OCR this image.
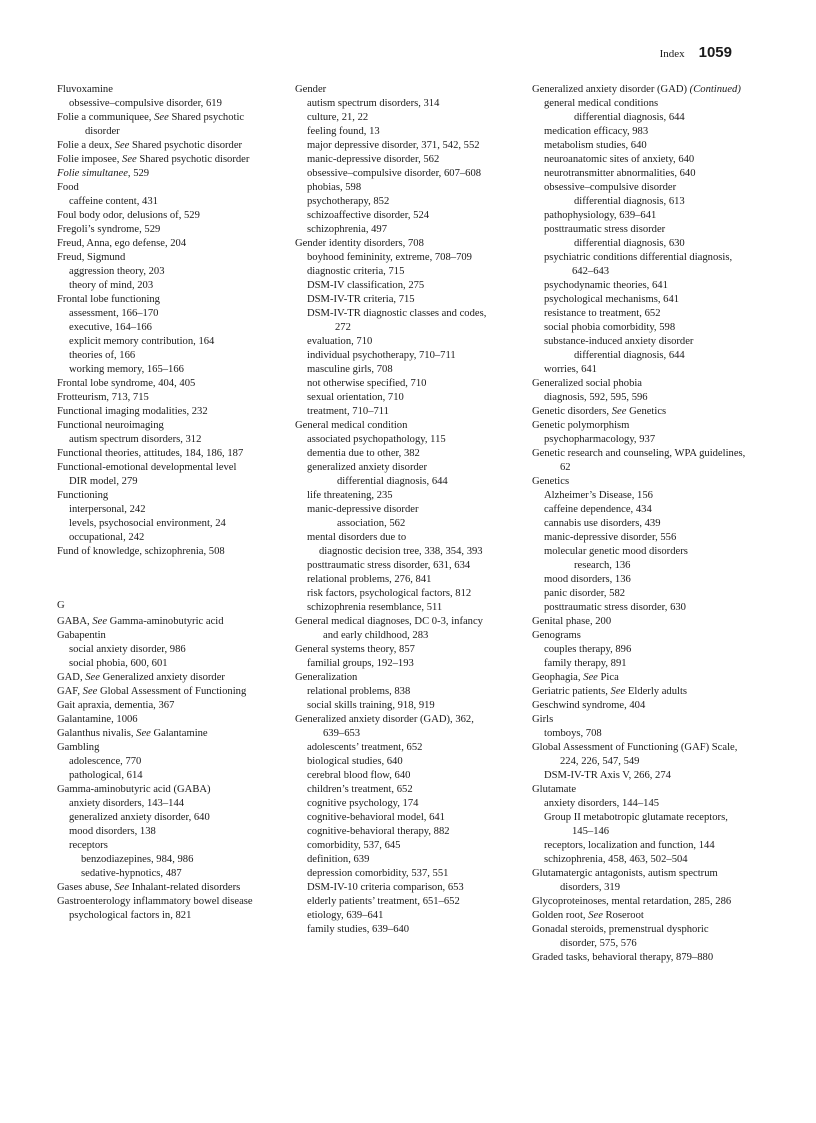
Index 1059
Fluvoxamine
obsessive–compulsive disorder, 619
Folie a communiquee, See Shared psychotic disorder
Folie a deux, See Shared psychotic disorder
Folie imposee, See Shared psychotic disorder
Folie simultanee, 529
Food
caffeine content, 431
Foul body odor, delusions of, 529
Fregoli’s syndrome, 529
Freud, Anna, ego defense, 204
Freud, Sigmund
aggression theory, 203
theory of mind, 203
Frontal lobe functioning
assessment, 166–170
executive, 164–166
explicit memory contribution, 164
theories of, 166
working memory, 165–166
Frontal lobe syndrome, 404, 405
Frotteurism, 713, 715
Functional imaging modalities, 232
Functional neuroimaging
autism spectrum disorders, 312
Functional theories, attitudes, 184, 186, 187
Functional-emotional developmental level
DIR model, 279
Functioning
interpersonal, 242
levels, psychosocial environment, 24
occupational, 242
Fund of knowledge, schizophrenia, 508
G
GABA, See Gamma-aminobutyric acid
Gabapentin
social anxiety disorder, 986
social phobia, 600, 601
GAD, See Generalized anxiety disorder
GAF, See Global Assessment of Functioning
Gait apraxia, dementia, 367
Galantamine, 1006
Galanthus nivalis, See Galantamine
Gambling
adolescence, 770
pathological, 614
Gamma-aminobutyric acid (GABA)
anxiety disorders, 143–144
generalized anxiety disorder, 640
mood disorders, 138
receptors
benzodiazepines, 984, 986
sedative-hypnotics, 487
Gases abuse, See Inhalant-related disorders
Gastroenterology inflammatory bowel disease
psychological factors in, 821
Gender
autism spectrum disorders, 314
culture, 21, 22
feeling found, 13
major depressive disorder, 371, 542, 552
manic-depressive disorder, 562
obsessive–compulsive disorder, 607–608
phobias, 598
psychotherapy, 852
schizoaffective disorder, 524
schizophrenia, 497
Gender identity disorders, 708
boyhood femininity, extreme, 708–709
diagnostic criteria, 715
DSM-IV classification, 275
DSM-IV-TR criteria, 715
DSM-IV-TR diagnostic classes and codes, 272
evaluation, 710
individual psychotherapy, 710–711
masculine girls, 708
not otherwise specified, 710
sexual orientation, 710
treatment, 710–711
General medical condition
associated psychopathology, 115
dementia due to other, 382
generalized anxiety disorder
differential diagnosis, 644
life threatening, 235
manic-depressive disorder
association, 562
mental disorders due to
diagnostic decision tree, 338, 354, 393
posttraumatic stress disorder, 631, 634
relational problems, 276, 841
risk factors, psychological factors, 812
schizophrenia resemblance, 511
General medical diagnoses, DC 0-3, infancy and early childhood, 283
General systems theory, 857
familial groups, 192–193
Generalization
relational problems, 838
social skills training, 918, 919
Generalized anxiety disorder (GAD), 362, 639–653
adolescents’ treatment, 652
biological studies, 640
cerebral blood flow, 640
children’s treatment, 652
cognitive psychology, 174
cognitive-behavioral model, 641
cognitive-behavioral therapy, 882
comorbidity, 537, 645
definition, 639
depression comorbidity, 537, 551
DSM-IV-10 criteria comparison, 653
elderly patients’ treatment, 651–652
etiology, 639–641
family studies, 639–640
Generalized anxiety disorder (GAD) (Continued)
general medical conditions
differential diagnosis, 644
medication efficacy, 983
metabolism studies, 640
neuroanatomic sites of anxiety, 640
neurotransmitter abnormalities, 640
obsessive–compulsive disorder
differential diagnosis, 613
pathophysiology, 639–641
posttraumatic stress disorder
differential diagnosis, 630
psychiatric conditions differential diagnosis, 642–643
psychodynamic theories, 641
psychological mechanisms, 641
resistance to treatment, 652
social phobia comorbidity, 598
substance-induced anxiety disorder
differential diagnosis, 644
worries, 641
Generalized social phobia
diagnosis, 592, 595, 596
Genetic disorders, See Genetics
Genetic polymorphism
psychopharmacology, 937
Genetic research and counseling, WPA guidelines, 62
Genetics
Alzheimer’s Disease, 156
caffeine dependence, 434
cannabis use disorders, 439
manic-depressive disorder, 556
molecular genetic mood disorders
research, 136
mood disorders, 136
panic disorder, 582
posttraumatic stress disorder, 630
Genital phase, 200
Genograms
couples therapy, 896
family therapy, 891
Geophagia, See Pica
Geriatric patients, See Elderly adults
Geschwind syndrome, 404
Girls
tomboys, 708
Global Assessment of Functioning (GAF) Scale, 224, 226, 547, 549
DSM-IV-TR Axis V, 266, 274
Glutamate
anxiety disorders, 144–145
Group II metabotropic glutamate receptors, 145–146
receptors, localization and function, 144
schizophrenia, 458, 463, 502–504
Glutamatergic antagonists, autism spectrum disorders, 319
Glycoproteinoses, mental retardation, 285, 286
Golden root, See Roseroot
Gonadal steroids, premenstrual dysphoric disorder, 575, 576
Graded tasks, behavioral therapy, 879–880
